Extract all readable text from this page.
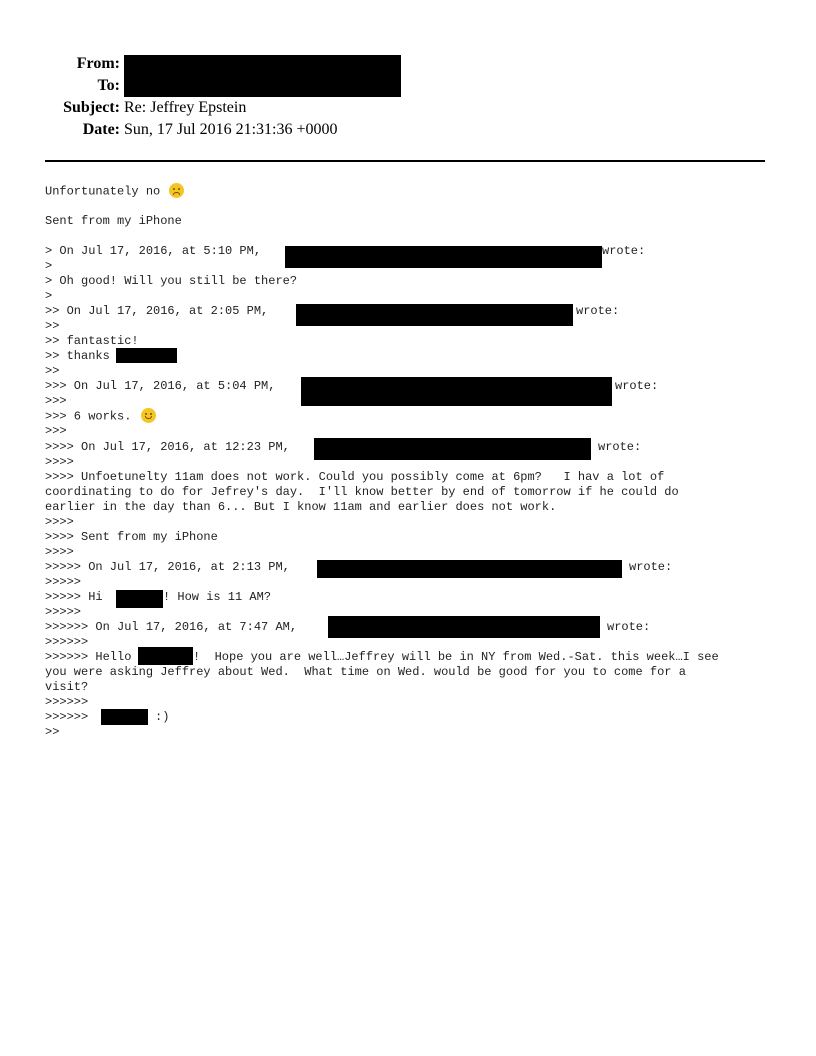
From:
To:
Subject: Re: Jeffrey Epstein
Date: Sun, 17 Jul 2016 21:31:36 +0000
Unfortunately no
Sent from my iPhone
> On Jul 17, 2016, at 5:10 PM,	wrote:
>
> Oh good! Will you still be there?
>
>> On Jul 17, 2016, at 2:05 PM,	wrote:
>>
>> fantastic!
>> thanks
>>
>>> On Jul 17, 2016, at 5:04 PM,	wrote:
>>>
>>> 6 works.
>>>
>>>> On Jul 17, 2016, at 12:23 PM,	wrote:
>>>>
>>>> Unfoetunelty 11am does not work. Could you possibly come at 6pm?   I hav a lot of
coordinating to do for Jefrey's day.  I'll know better by end of tomorrow if he could do
earlier in the day than 6... But I know 11am and earlier does not work.
>>>>
>>>> Sent from my iPhone
>>>>
>>>>> On Jul 17, 2016, at 2:13 PM,	wrote:
>>>>>
>>>>> Hi	! How is 11 AM?
>>>>>
>>>>>> On Jul 17, 2016, at 7:47 AM,	wrote:
>>>>>>
>>>>>> Hello	!  Hope you are well…Jeffrey will be in NY from Wed.-Sat. this week…I see
you were asking Jeffrey about Wed.  What time on Wed. would be good for you to come for a
visit?
>>>>>>
>>>>>>	:)
>>
